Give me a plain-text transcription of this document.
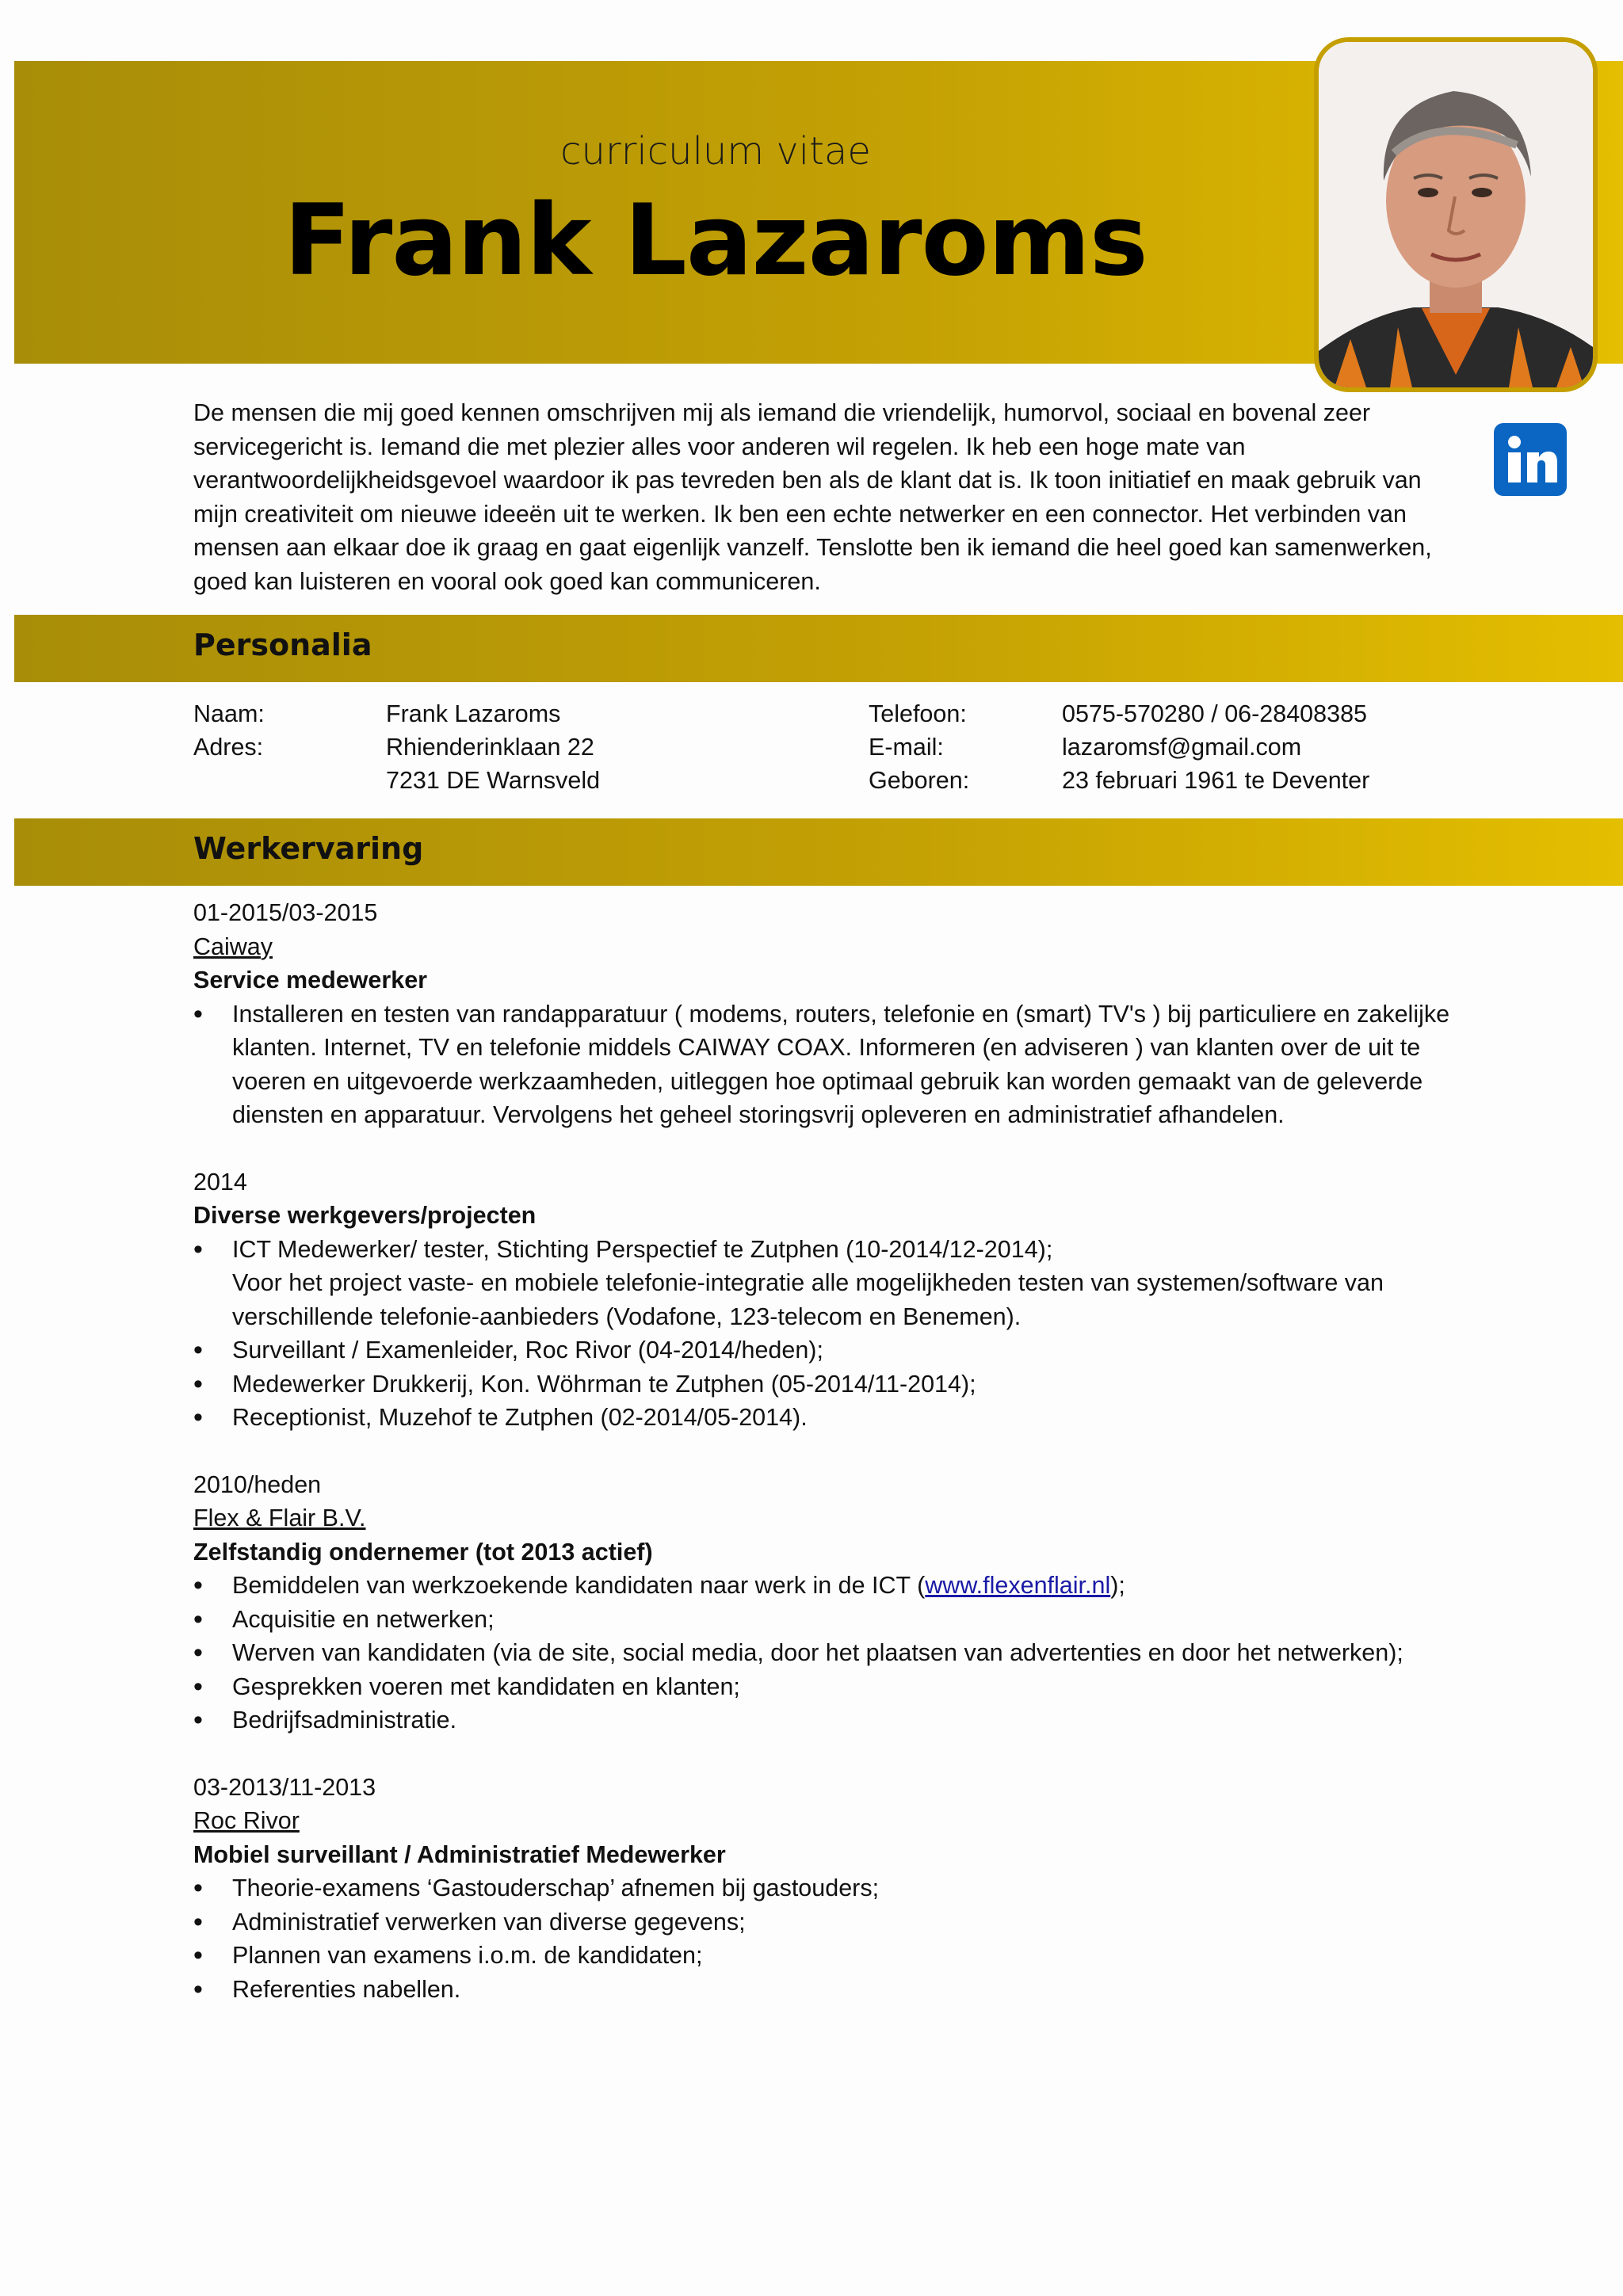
curriculum vitae
Frank Lazaroms
De mensen die mij goed kennen omschrijven mij als iemand die vriendelijk, humorvol, sociaal en bovenal zeer servicegericht is. Iemand die met plezier alles voor anderen wil regelen. Ik heb een hoge mate van verantwoordelijkheidsgevoel waardoor ik pas tevreden ben als de klant dat is. Ik toon initiatief en maak gebruik van mijn creativiteit om nieuwe ideeën uit te werken. Ik ben een echte netwerker en een connector. Het verbinden van mensen aan elkaar doe ik graag en gaat eigenlijk vanzelf. Tenslotte ben ik iemand die heel goed kan samenwerken, goed kan luisteren en vooral ook goed kan communiceren.
Personalia
Naam:	Frank Lazaroms
Adres:	Rhienderinklaan 22
7231 DE Warnsveld
Telefoon:	0575-570280 / 06-28408385
E-mail:	lazaromsf@gmail.com
Geboren:	23 februari 1961 te Deventer
Werkervaring
01-2015/03-2015
Caiway
Service medewerker
• Installeren en testen van randapparatuur ( modems, routers, telefonie en (smart) TV's ) bij particuliere en zakelijke klanten. Internet, TV en telefonie middels CAIWAY COAX. Informeren (en adviseren ) van klanten over de uit te voeren en uitgevoerde werkzaamheden, uitleggen hoe optimaal gebruik kan worden gemaakt van de geleverde diensten en apparatuur. Vervolgens het geheel storingsvrij opleveren en administratief afhandelen.
2014
Diverse werkgevers/projecten
• ICT Medewerker/ tester, Stichting Perspectief te Zutphen (10-2014/12-2014);
Voor het project vaste- en mobiele telefonie-integratie alle mogelijkheden testen van systemen/software van verschillende telefonie-aanbieders (Vodafone, 123-telecom en Benemen).
• Surveillant / Examenleider, Roc Rivor (04-2014/heden);
• Medewerker Drukkerij, Kon. Wöhrman te Zutphen (05-2014/11-2014);
• Receptionist, Muzehof te Zutphen (02-2014/05-2014).
2010/heden
Flex & Flair B.V.
Zelfstandig ondernemer (tot 2013 actief)
• Bemiddelen van werkzoekende kandidaten naar werk in de ICT (www.flexenflair.nl);
• Acquisitie en netwerken;
• Werven van kandidaten (via de site, social media, door het plaatsen van advertenties en door het netwerken);
• Gesprekken voeren met kandidaten en klanten;
• Bedrijfsadministratie.
03-2013/11-2013
Roc Rivor
Mobiel surveillant / Administratief Medewerker
• Theorie-examens ‘Gastouderschap’ afnemen bij gastouders;
• Administratief verwerken van diverse gegevens;
• Plannen van examens i.o.m. de kandidaten;
• Referenties nabellen.
